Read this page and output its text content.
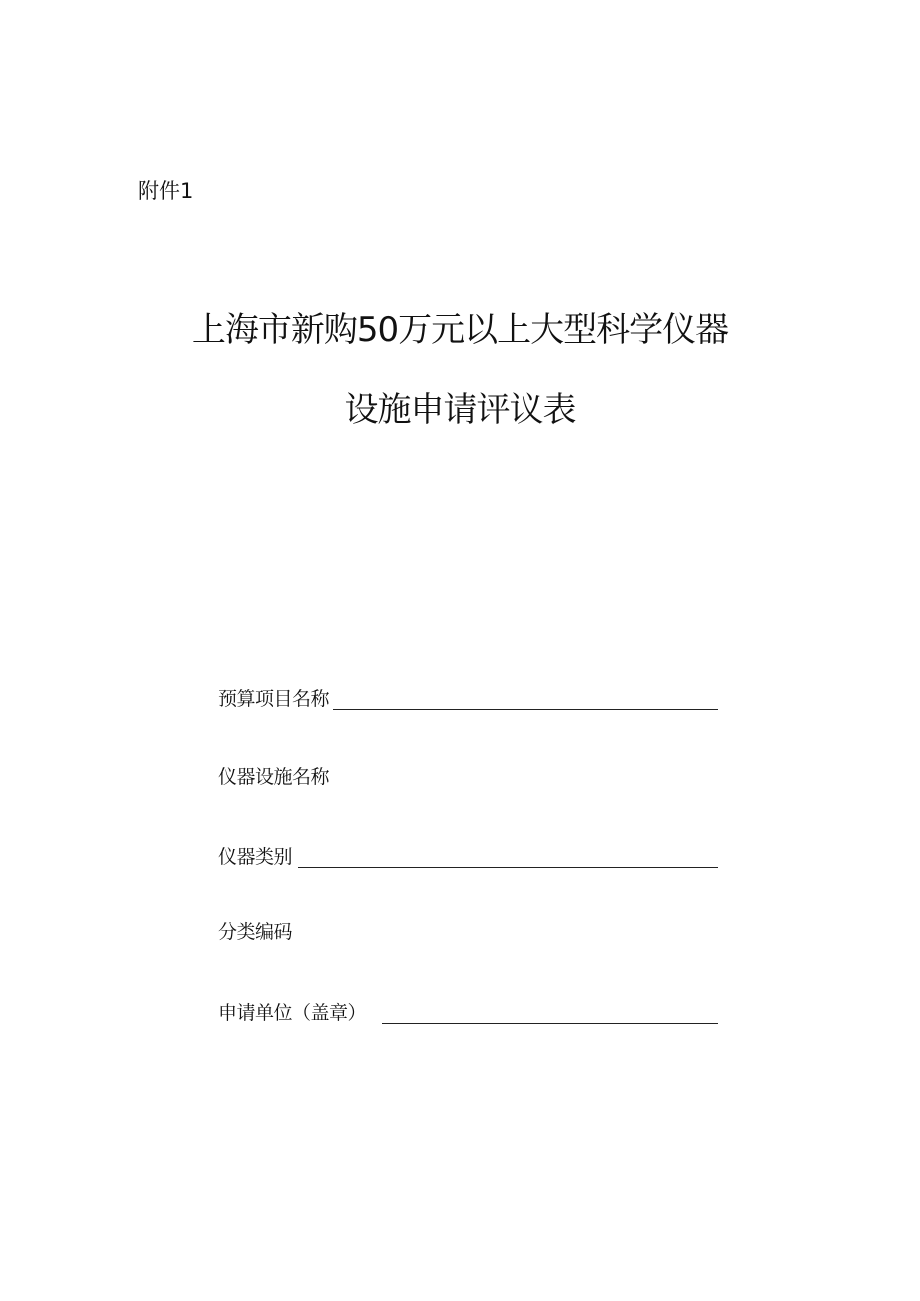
附件1
上海市新购50万元以上大型科学仪器
设施申请评议表
预算项目名称
仪器设施名称
仪器类别
分类编码
申请单位（盖章）
